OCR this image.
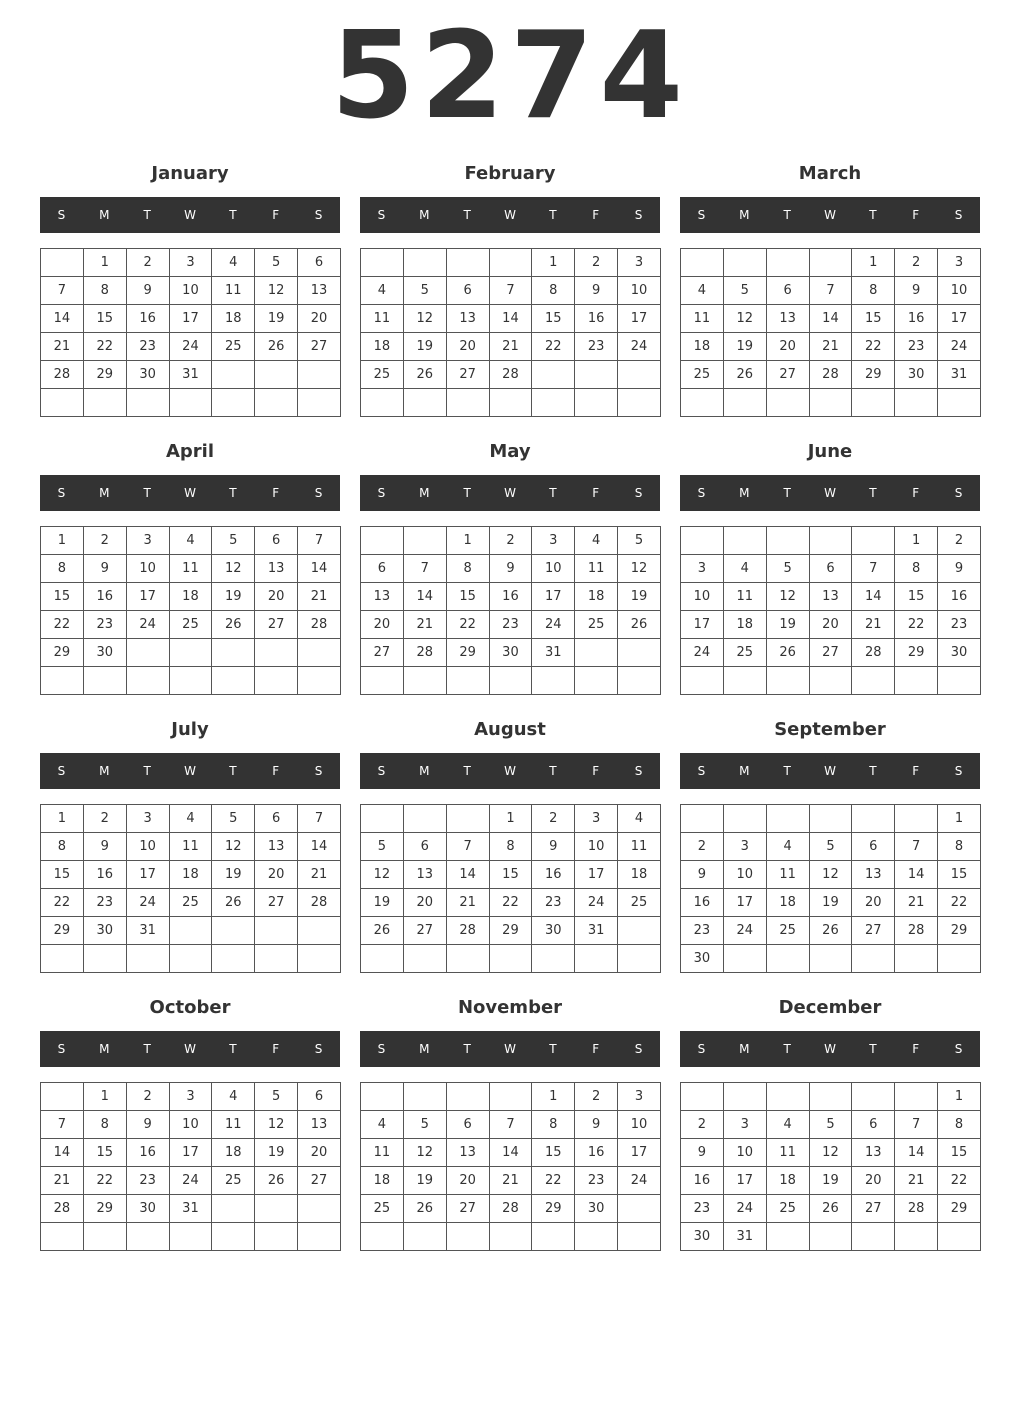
5274
January
S	M	T	W	T	F	S
	1	2	3	4	5	6
7	8	9	10	11	12	13
14	15	16	17	18	19	20
21	22	23	24	25	26	27
28	29	30	31			

February
S	M	T	W	T	F	S
				1	2	3
4	5	6	7	8	9	10
11	12	13	14	15	16	17
18	19	20	21	22	23	24
25	26	27	28			

March
S	M	T	W	T	F	S
				1	2	3
4	5	6	7	8	9	10
11	12	13	14	15	16	17
18	19	20	21	22	23	24
25	26	27	28	29	30	31

April
S	M	T	W	T	F	S
1	2	3	4	5	6	7
8	9	10	11	12	13	14
15	16	17	18	19	20	21
22	23	24	25	26	27	28
29	30					

May
S	M	T	W	T	F	S
		1	2	3	4	5
6	7	8	9	10	11	12
13	14	15	16	17	18	19
20	21	22	23	24	25	26
27	28	29	30	31		

June
S	M	T	W	T	F	S
					1	2
3	4	5	6	7	8	9
10	11	12	13	14	15	16
17	18	19	20	21	22	23
24	25	26	27	28	29	30

July
S	M	T	W	T	F	S
1	2	3	4	5	6	7
8	9	10	11	12	13	14
15	16	17	18	19	20	21
22	23	24	25	26	27	28
29	30	31				

August
S	M	T	W	T	F	S
			1	2	3	4
5	6	7	8	9	10	11
12	13	14	15	16	17	18
19	20	21	22	23	24	25
26	27	28	29	30	31	

September
S	M	T	W	T	F	S
						1
2	3	4	5	6	7	8
9	10	11	12	13	14	15
16	17	18	19	20	21	22
23	24	25	26	27	28	29
30						
October
S	M	T	W	T	F	S
	1	2	3	4	5	6
7	8	9	10	11	12	13
14	15	16	17	18	19	20
21	22	23	24	25	26	27
28	29	30	31			

November
S	M	T	W	T	F	S
				1	2	3
4	5	6	7	8	9	10
11	12	13	14	15	16	17
18	19	20	21	22	23	24
25	26	27	28	29	30	

December
S	M	T	W	T	F	S
						1
2	3	4	5	6	7	8
9	10	11	12	13	14	15
16	17	18	19	20	21	22
23	24	25	26	27	28	29
30	31					
